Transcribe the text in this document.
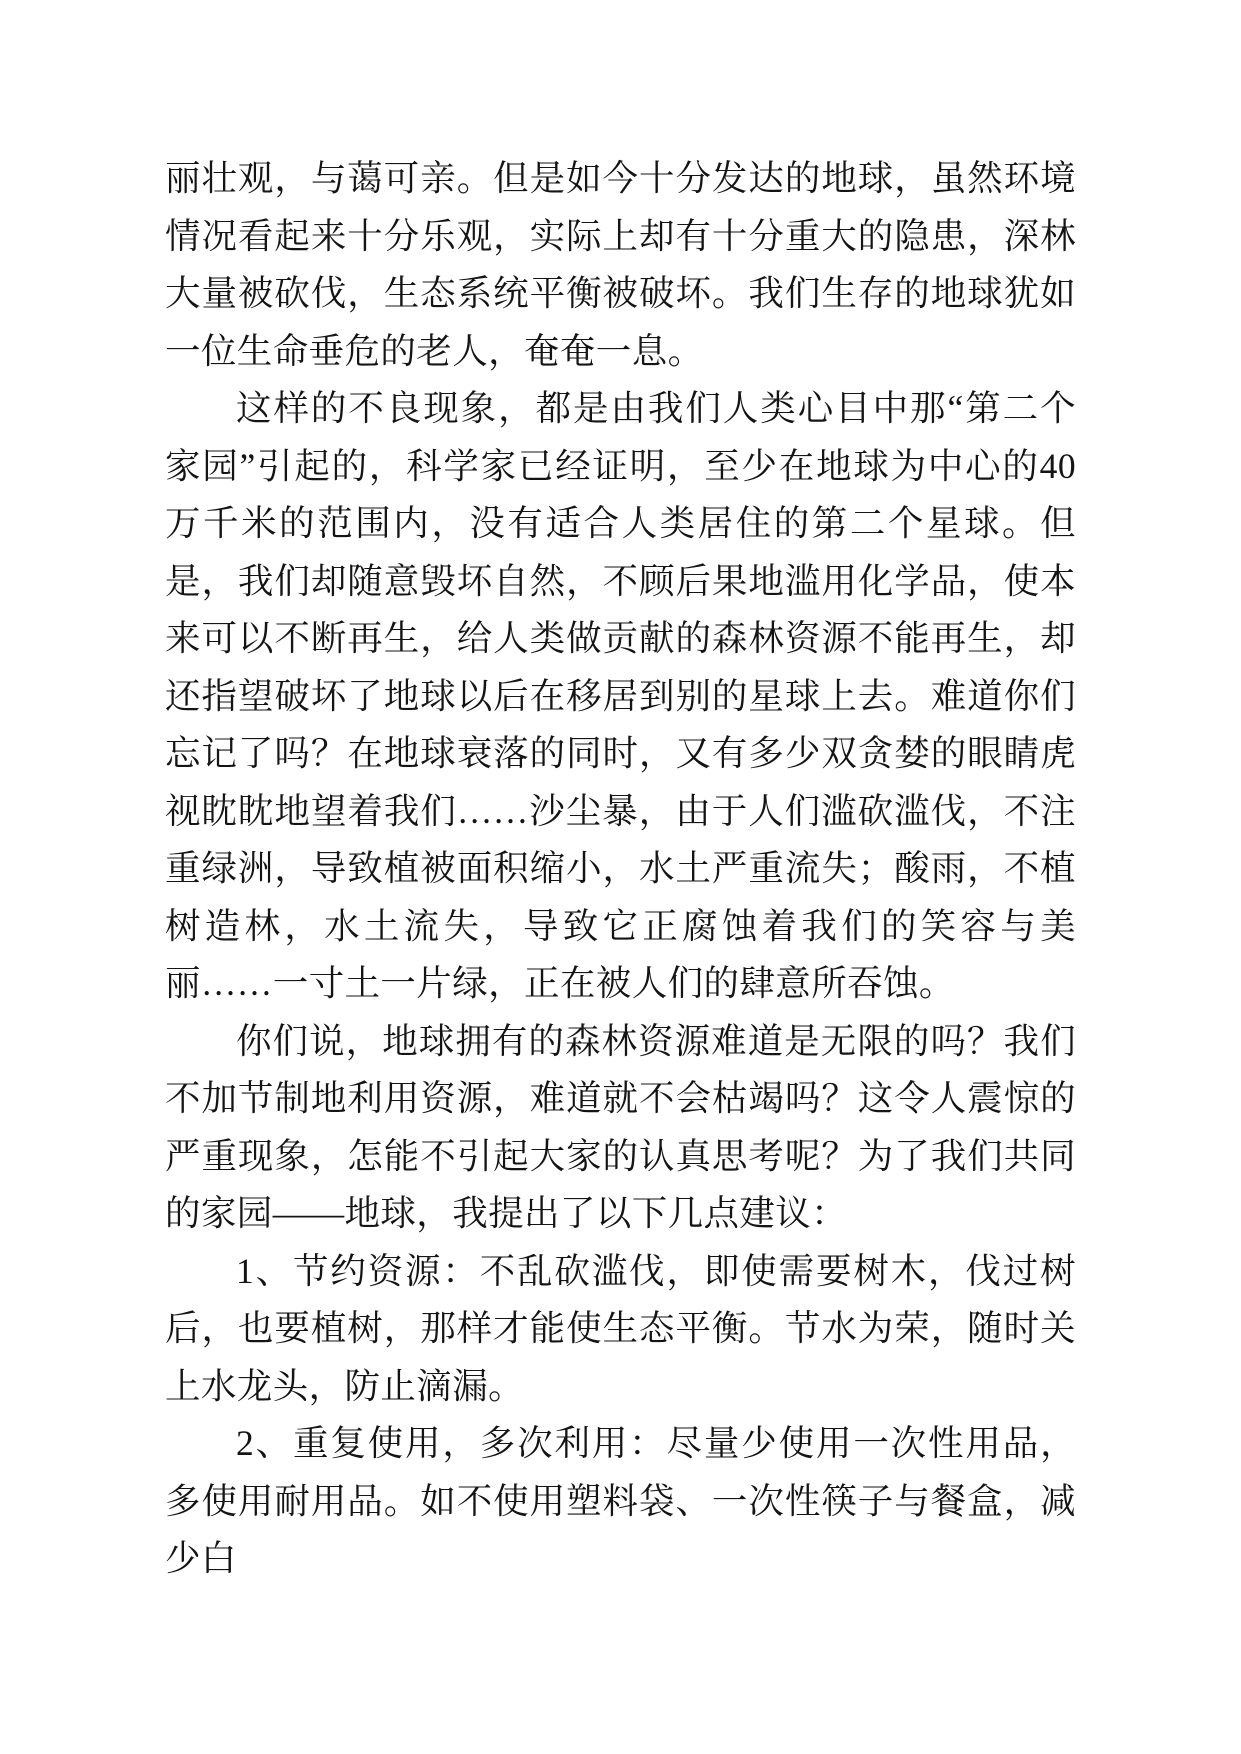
丽壮观，与蔼可亲。但是如今十分发达的地球，虽然环境情况看起来十分乐观，实际上却有十分重大的隐患，深林大量被砍伐，生态系统平衡被破坏。我们生存的地球犹如一位生命垂危的老人，奄奄一息。

这样的不良现象，都是由我们人类心目中那“第二个家园”引起的，科学家已经证明，至少在地球为中心的40万千米的范围内，没有适合人类居住的第二个星球。但是，我们却随意毁坏自然，不顾后果地滥用化学品，使本来可以不断再生，给人类做贡献的森林资源不能再生，却还指望破坏了地球以后在移居到别的星球上去。难道你们忘记了吗？在地球衰落的同时，又有多少双贪婪的眼睛虎视眈眈地望着我们……沙尘暴，由于人们滥砍滥伐，不注重绿洲，导致植被面积缩小，水土严重流失；酸雨，不植树造林，水土流失，导致它正腐蚀着我们的笑容与美丽……一寸土一片绿，正在被人们的肆意所吞蚀。

你们说，地球拥有的森林资源难道是无限的吗？我们不加节制地利用资源，难道就不会枯竭吗？这令人震惊的严重现象，怎能不引起大家的认真思考呢？为了我们共同的家园——地球，我提出了以下几点建议：

1、节约资源：不乱砍滥伐，即使需要树木，伐过树后，也要植树，那样才能使生态平衡。节水为荣，随时关上水龙头，防止滴漏。

2、重复使用，多次利用：尽量少使用一次性用品，多使用耐用品。如不使用塑料袋、一次性筷子与餐盒，减少白
